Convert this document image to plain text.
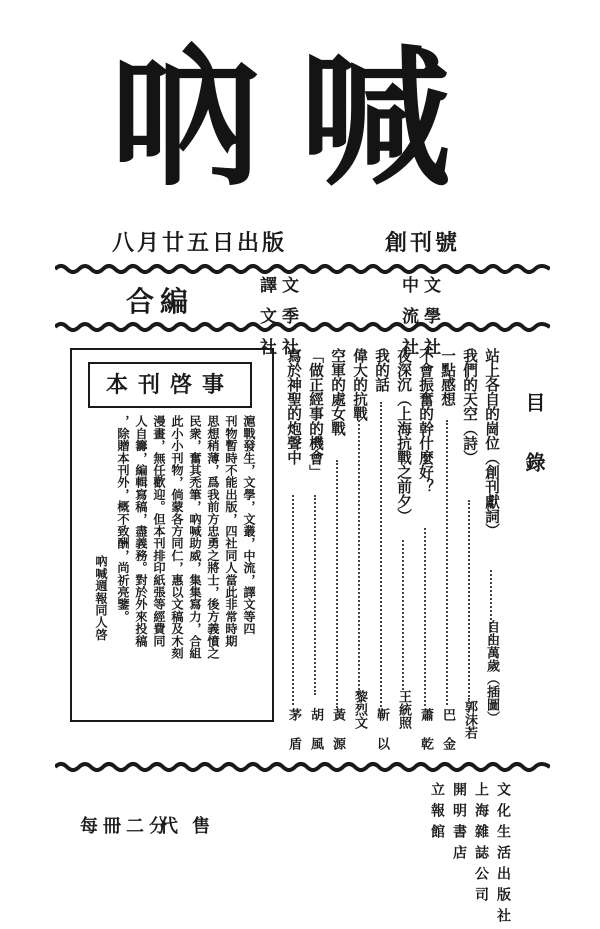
吶喊
創刊號
八月廿五日出版
文學社
中流社
文季社
譯文社
合編
目錄
站上各自的崗位（創刊獻詞）
我們的天空（詩）
一點感想
不會振奮的幹什麼好？
夜深沉（上海抗戰之前夕）
我的話
偉大的抗戰
空軍的處女戰
「做正經事的機會」
寫於神聖的炮聲中
自由萬歲（插圖）
郭沫若
巴金
蕭乾
王統照
靳以
黎烈文
黃源
胡風
茅盾
本刊啓事
滬戰發生，文學，文叢，中流，譯文等四
刊物暫時不能出版，四社同人當此非常時期
思想稍薄，爲我前方忠勇之將士，後方義憤之
民衆，奮其禿筆，吶喊助威，集集寫力，合組
此小小刊物，倘蒙各方同仁，惠以文稿及木刻
漫畫，無任歡迎。但本刊排印紙張等經費同
人自籌，編輯寫稿，盡義務。對於外來投稿
，除贈本刊外，概不致酬，尚祈亮鑒。
吶喊週報同人啓
文化生活出版社
上海雜誌公司
開明書店
立報館
代售
每冊二分
